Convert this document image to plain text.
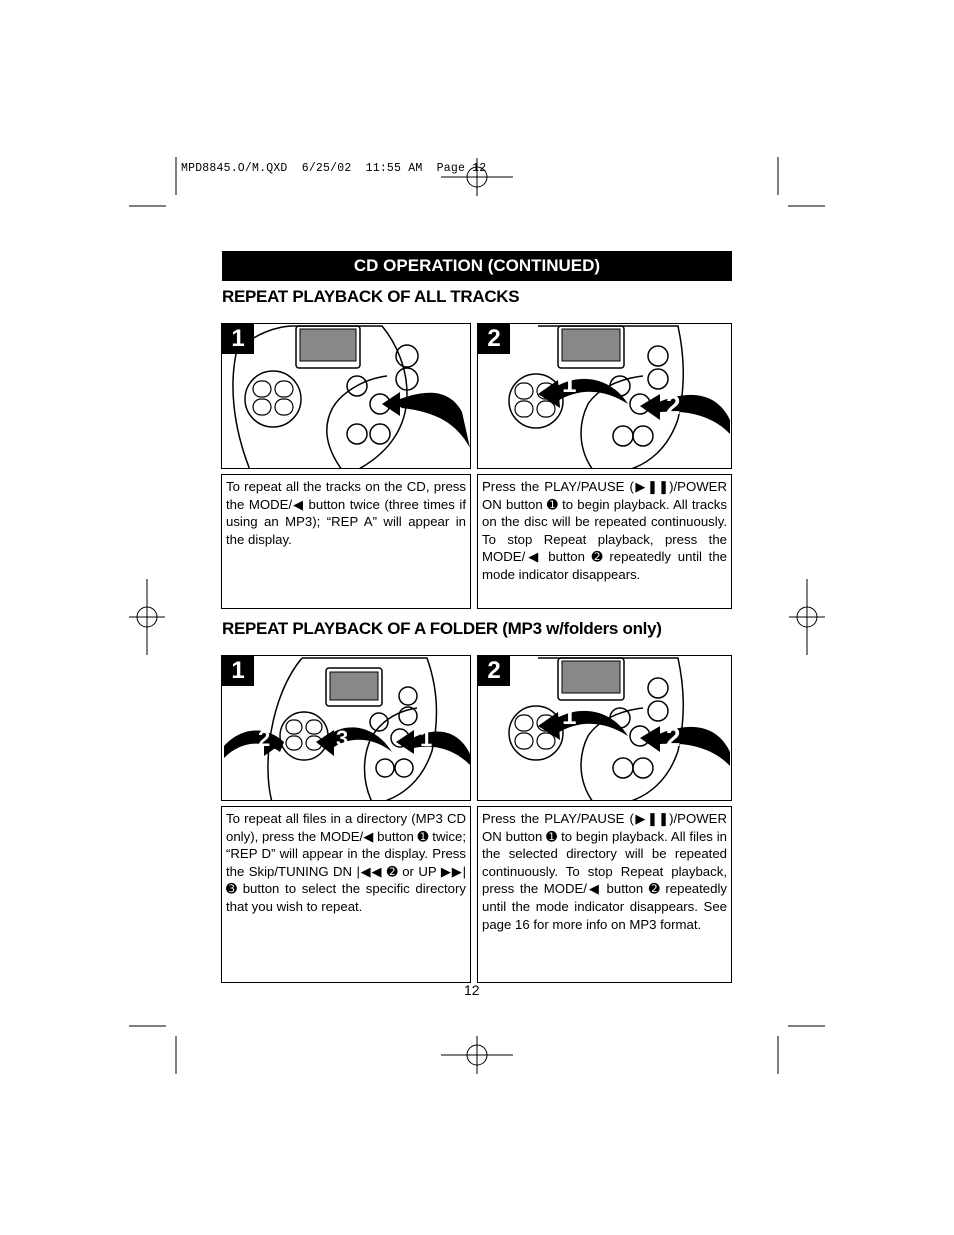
MPD8845.O/M.QXD  6/25/02  11:55 AM  Page 12
CD OPERATION (CONTINUED)
REPEAT PLAYBACK OF ALL TRACKS
1	2
1
2

To repeat all the tracks on the CD, press the MODE/◀ button twice (three times if using an MP3); “REP A” will appear in the display.

Press the PLAY/PAUSE (▶❚❚)/POWER ON button ➊ to begin playback. All tracks on the disc will be repeated continuously. To stop Repeat playback, press the MODE/◀ button ➋ repeatedly until the mode indicator disappears.

REPEAT PLAYBACK OF A FOLDER (MP3 w/folders only)
1
2	3	1
2
1
2

To repeat all files in a directory (MP3 CD only), press the MODE/◀ button ➊ twice; “REP D” will appear in the display. Press the Skip/TUNING DN |◀◀ ➋ or UP ▶▶| ➌ button to select the specific directory that you wish to repeat.

Press the PLAY/PAUSE (▶❚❚)/POWER ON button ➊ to begin playback. All files in the selected directory will be repeated continuously. To stop Repeat playback, press the MODE/◀ button ➋ repeatedly until the mode indicator disappears. See page 16 for more info on MP3 format.

12
